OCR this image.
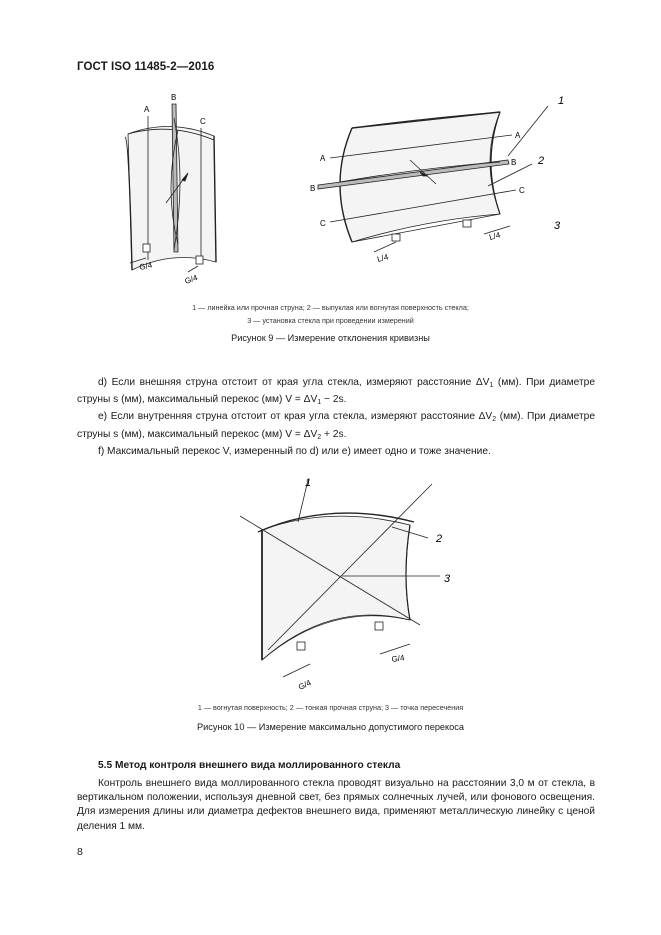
ГОСТ ISO 11485-2—2016
A
B
C
G/4
G/4
1
2
3
A
A
B
B
C
C
L/4
L/4
1 — линейка или прочная струна; 2 — выпуклая или вогнутая поверхность стекла;
3 — установка стекла при проведении измерений
Рисунок 9 — Измерение отклонения кривизны

d) Если внешняя струна отстоит от края угла стекла, измеряют расстояние $\Delta V_1$ (мм). При диаметре струны s (мм), максимальный перекос (мм) $V = \Delta V_1 - 2s$.

e) Если внутренняя струна отстоит от края угла стекла, измеряют расстояние $\Delta V_2$ (мм). При диаметре струны s (мм), максимальный перекос (мм) $V = \Delta V_2 + 2s$.

f) Максимальный перекос V, измеренный по d) или е) имеет одно и тоже значение.

1
2
3
G/4
G/4
1 — вогнутая поверхность; 2 — тонкая прочная струна; 3 — точка пересечения
Рисунок 10 — Измерение максимально допустимого перекоса
5.5 Метод контроля внешнего вида моллированного стекла

Контроль внешнего вида моллированного стекла проводят визуально на расстоянии 3,0 м от стекла, в вертикальном положении, используя дневной свет, без прямых солнечных лучей, или фонового освещения. Для измерения длины или диаметра дефектов внешнего вида, применяют металлическую линейку с ценой деления 1 мм.

8
